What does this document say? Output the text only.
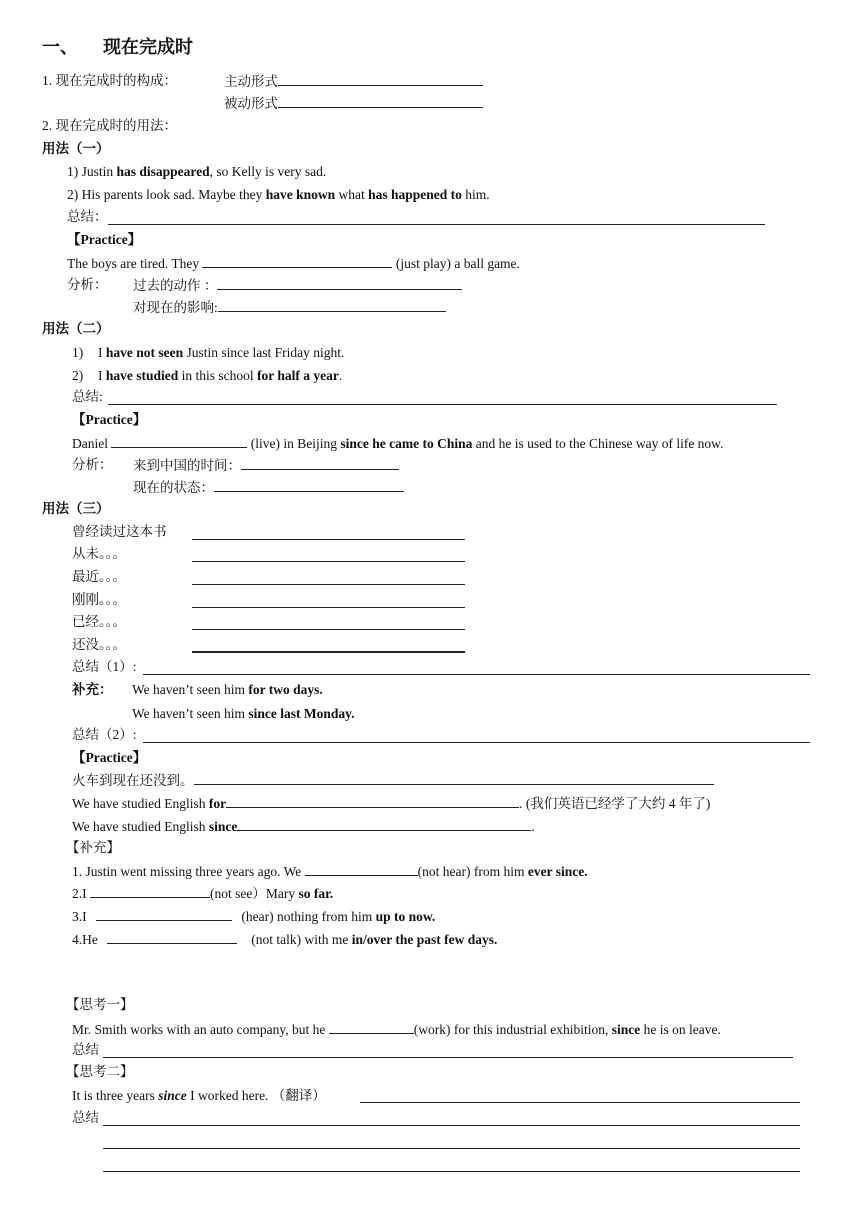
一、 现在完成时
1. 现在完成时的构成：	主动形式
被动形式
2. 现在完成时的用法：
用法（一）
1) Justin has disappeared, so Kelly is very sad.
2) His parents look sad. Maybe they have known what has happened to him.
总结：
【Practice】
The boys are tired. They	(just play) a ball game.
分析： 过去的动作 ：
对现在的影响:
用法（二）
1) I have not seen Justin since last Friday night.
2) I have studied in this school for half a year.
总结:
【Practice】
Daniel	(live) in Beijing since he came to China and he is used to the Chinese way of life now.
分析： 来到中国的时间：
现在的状态：
用法（三）
曾经读过这本书
从未。。。
最近。。。
刚刚。。。
已经。。。
还没。。。
总结（1）:
补充： We haven’t seen him for two days.
We haven’t seen him since last Monday.
总结（2）:
【Practice】
火车到现在还没到。
We have studied English for	. (我们英语已经学了大约 4 年了)
We have studied English since	.
【补充】
1. Justin went missing three years ago. We	(not hear) from him ever since.
2.I	(not see）Mary so far.
3.I	(hear) nothing from him up to now.
4.He	(not talk) with me in/over the past few days.
【思考一】
Mr. Smith works with an auto company, but he	(work) for this industrial exhibition, since he is on leave.
总结
【思考二】
It is three years since I worked here. （翻译）
总结
